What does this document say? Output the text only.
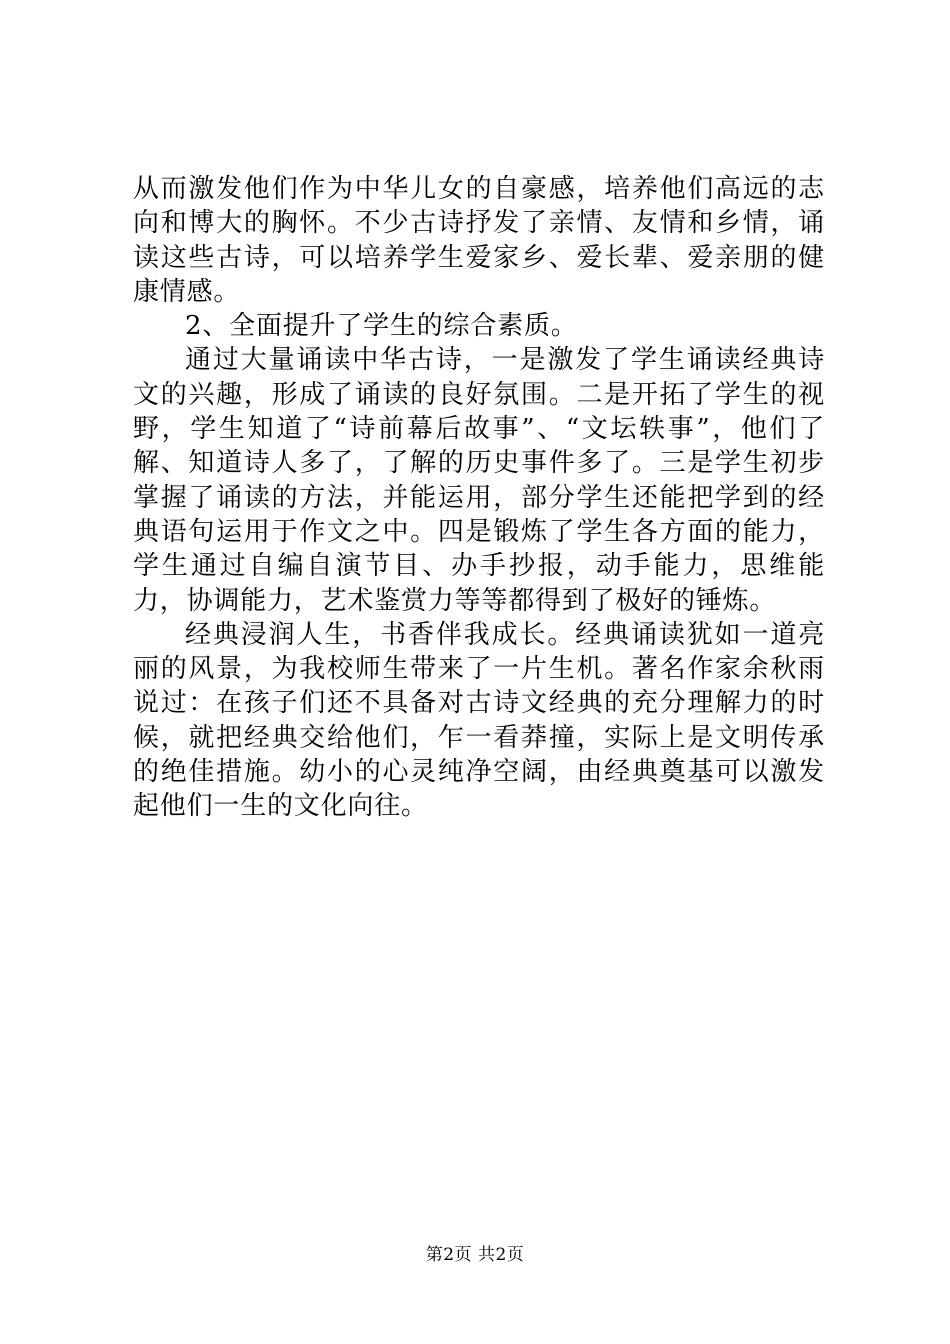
从而激发他们作为中华儿女的自豪感，培养他们高远的志向和博大的胸怀。不少古诗抒发了亲情、友情和乡情，诵读这些古诗，可以培养学生爱家乡、爱长辈、爱亲朋的健康情感。

2、全面提升了学生的综合素质。

通过大量诵读中华古诗，一是激发了学生诵读经典诗文的兴趣，形成了诵读的良好氛围。二是开拓了学生的视野，学生知道了“诗前幕后故事”、“文坛轶事”，他们了解、知道诗人多了，了解的历史事件多了。三是学生初步掌握了诵读的方法，并能运用，部分学生还能把学到的经典语句运用于作文之中。四是锻炼了学生各方面的能力，学生通过自编自演节目、办手抄报，动手能力，思维能力，协调能力，艺术鉴赏力等等都得到了极好的锤炼。

经典浸润人生，书香伴我成长。经典诵读犹如一道亮丽的风景，为我校师生带来了一片生机。著名作家余秋雨说过：在孩子们还不具备对古诗文经典的充分理解力的时候，就把经典交给他们，乍一看莽撞，实际上是文明传承的绝佳措施。幼小的心灵纯净空阔，由经典奠基可以激发起他们一生的文化向往。

第2页 共2页
